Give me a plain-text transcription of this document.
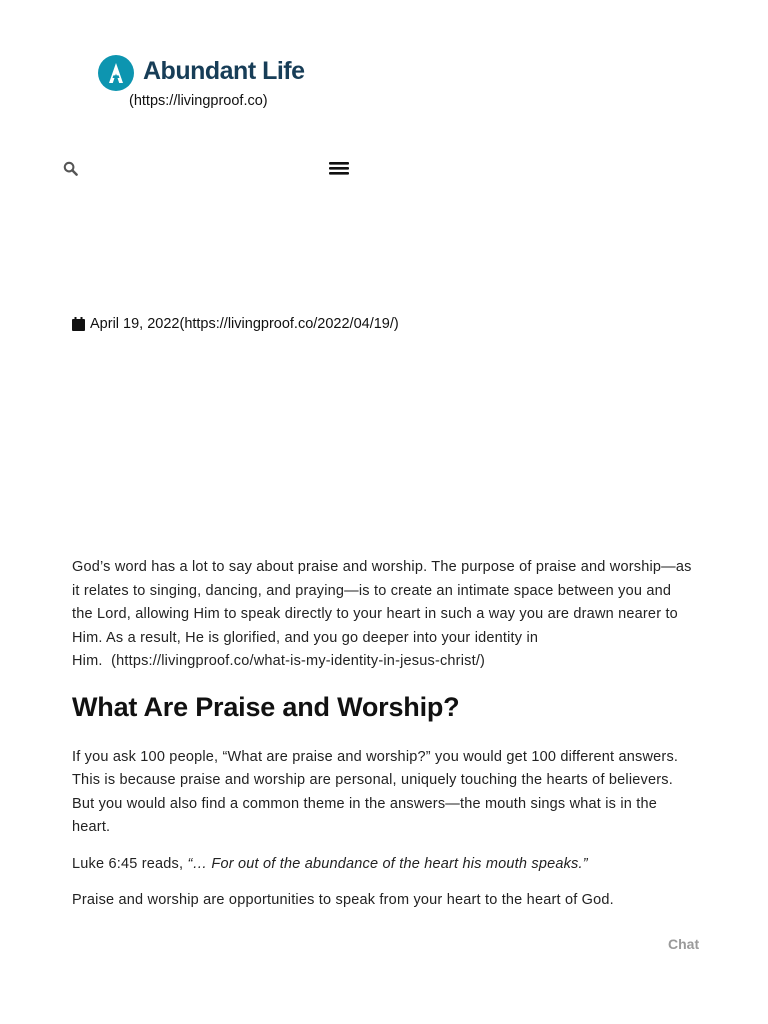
Abundant Life
(https://livingproof.co)
April 19, 2022 (https://livingproof.co/2022/04/19/)

God’s word has a lot to say about praise and worship. The purpose of praise and worship—as it relates to singing, dancing, and praying—is to create an intimate space between you and the Lord, allowing Him to speak directly to your heart in such a way you are drawn nearer to Him. As a result, He is glorified, and you go deeper into your identity in Him. (https://livingproof.co/what-is-my-identity-in-jesus-christ/)

What Are Praise and Worship?

If you ask 100 people, “What are praise and worship?” you would get 100 different answers. This is because praise and worship are personal, uniquely touching the hearts of believers. But you would also find a common theme in the answers—the mouth sings what is in the heart.

Luke 6:45 reads, “… For out of the abundance of the heart his mouth speaks.”

Praise and worship are opportunities to speak from your heart to the heart of God.

Chat
